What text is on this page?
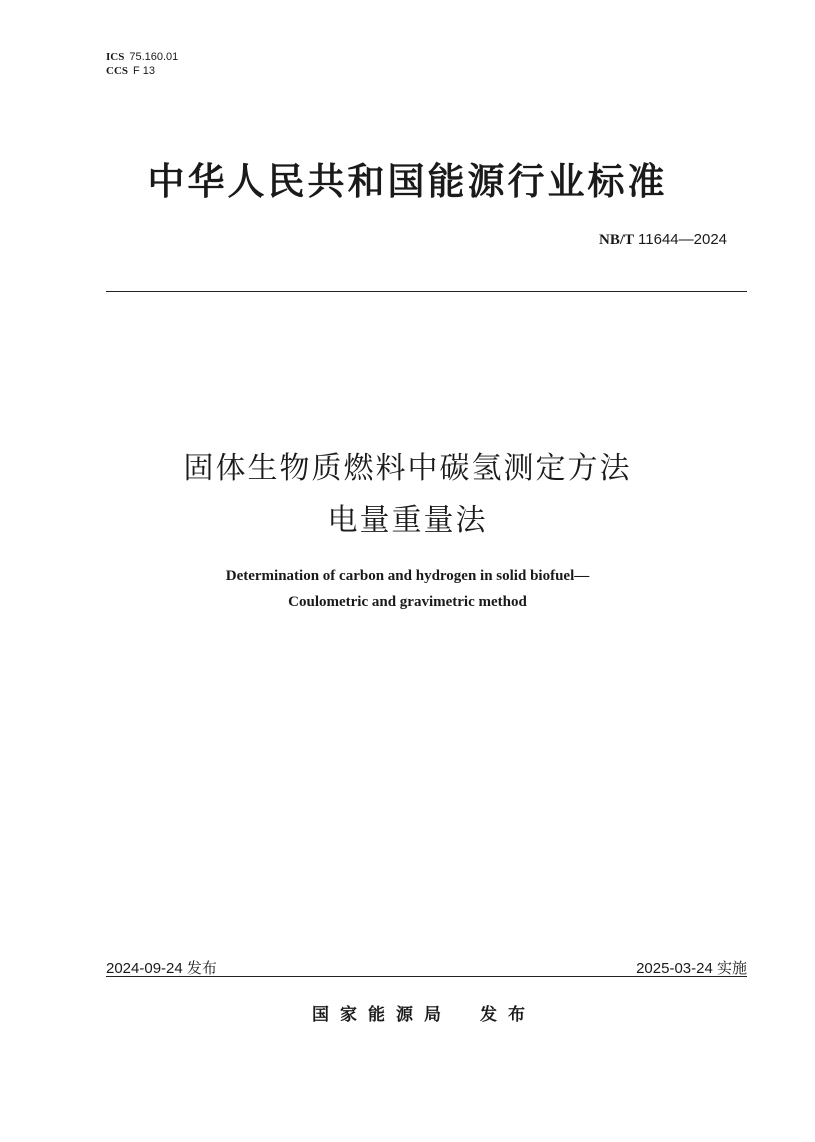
ICS 75.160.01
CCS F 13
中华人民共和国能源行业标准
NB/T 11644—2024
固体生物质燃料中碳氢测定方法
电量重量法
Determination of carbon and hydrogen in solid biofuel—
Coulometric and gravimetric method
2024-09-24 发布	2025-03-24 实施
国家能源局 发布
